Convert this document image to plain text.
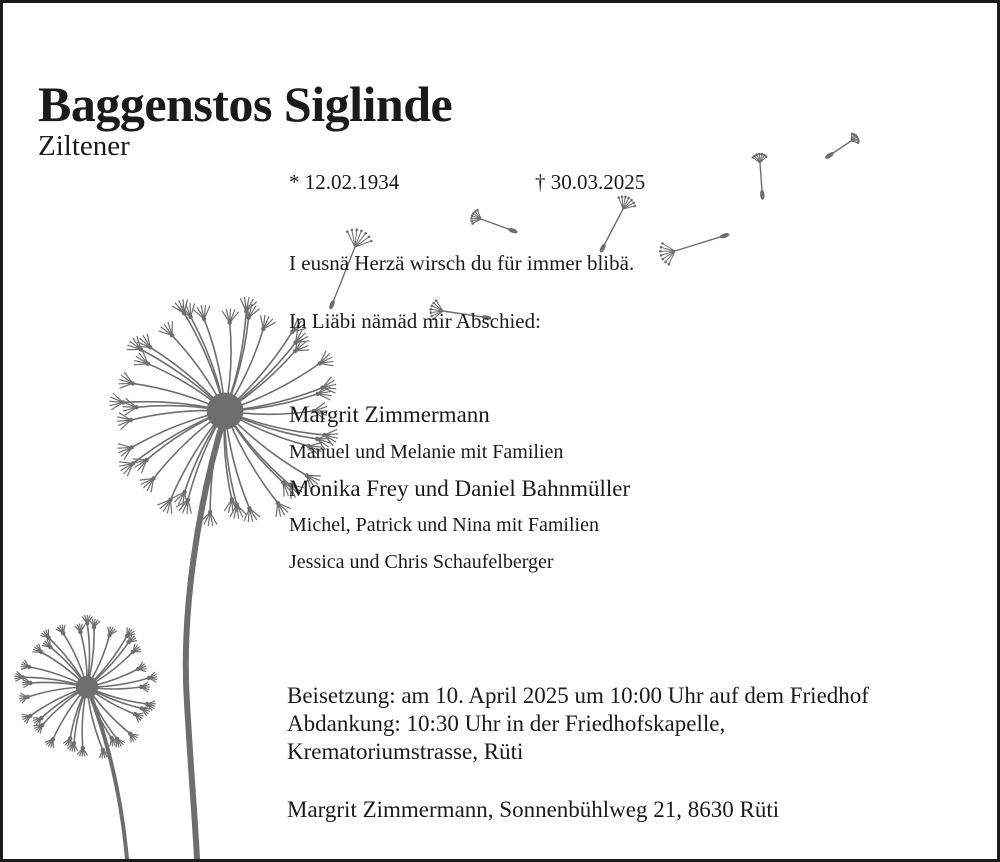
Baggenstos Siglinde
Ziltener
* 12.02.1934	† 30.03.2025
I eusnä Herzä wirsch du für immer blibä.
In Liäbi nämäd mir Abschied:
Margrit Zimmermann
Manuel und Melanie mit Familien
Monika Frey und Daniel Bahnmüller
Michel, Patrick und Nina mit Familien
Jessica und Chris Schaufelberger
Beisetzung: am 10. April 2025 um 10:00 Uhr auf dem Friedhof
Abdankung: 10:30 Uhr in der Friedhofskapelle,
Krematoriumstrasse, Rüti
Margrit Zimmermann, Sonnenbühlweg 21, 8630 Rüti
